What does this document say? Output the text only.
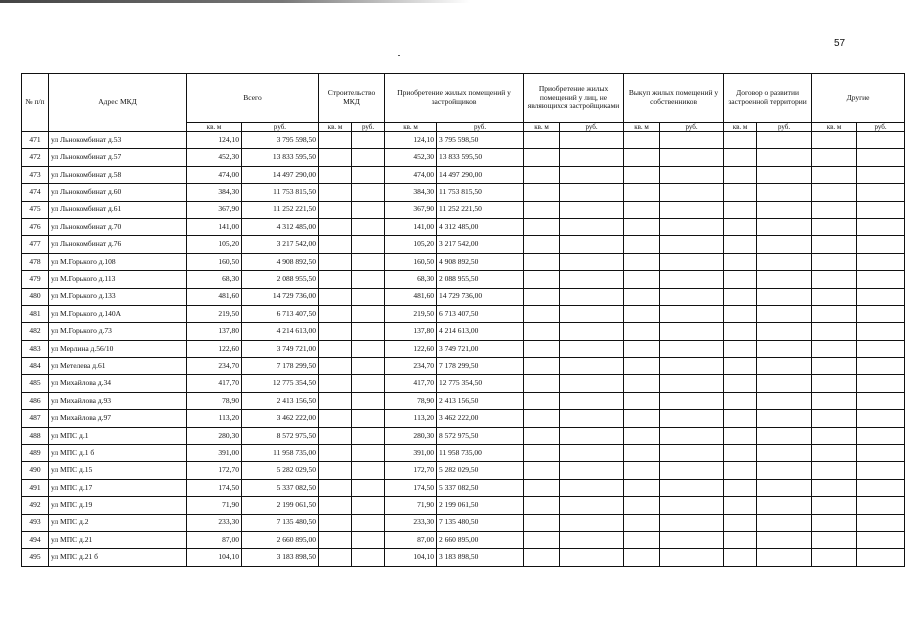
57
№ п/п	Адрес МКД	Всего		Строительство МКД		Приобретение жилых помещений у застройщиков		Приобретение жилых помещений у лиц, не являющихся застройщиками		Выкуп жилых помещений у собственников		Договор о развитии застроенной территории		Другие	
		кв. м	руб.	кв. м	руб.	кв. м	руб.	кв. м	руб.	кв. м	руб.	кв. м	руб.	кв. м	руб.
471	ул Льнокомбинат д.53	124,10	3 795 598,50			124,10	3 795 598,50								
472	ул Льнокомбинат д.57	452,30	13 833 595,50			452,30	13 833 595,50								
473	ул Льнокомбинат д.58	474,00	14 497 290,00			474,00	14 497 290,00								
474	ул Льнокомбинат д.60	384,30	11 753 815,50			384,30	11 753 815,50								
475	ул Льнокомбинат д.61	367,90	11 252 221,50			367,90	11 252 221,50								
476	ул Льнокомбинат д.70	141,00	4 312 485,00			141,00	4 312 485,00								
477	ул Льнокомбинат д.76	105,20	3 217 542,00			105,20	3 217 542,00								
478	ул М.Горького д.108	160,50	4 908 892,50			160,50	4 908 892,50								
479	ул М.Горького д.113	68,30	2 088 955,50			68,30	2 088 955,50								
480	ул М.Горького д.133	481,60	14 729 736,00			481,60	14 729 736,00								
481	ул М.Горького д.140А	219,50	6 713 407,50			219,50	6 713 407,50								
482	ул М.Горького д.73	137,80	4 214 613,00			137,80	4 214 613,00								
483	ул Мерлина д.56/10	122,60	3 749 721,00			122,60	3 749 721,00								
484	ул Метелева д.61	234,70	7 178 299,50			234,70	7 178 299,50								
485	ул Михайлова д.34	417,70	12 775 354,50			417,70	12 775 354,50								
486	ул Михайлова д.93	78,90	2 413 156,50			78,90	2 413 156,50								
487	ул Михайлова д.97	113,20	3 462 222,00			113,20	3 462 222,00								
488	ул МПС д.1	280,30	8 572 975,50			280,30	8 572 975,50								
489	ул МПС д.1 б	391,00	11 958 735,00			391,00	11 958 735,00								
490	ул МПС д.15	172,70	5 282 029,50			172,70	5 282 029,50								
491	ул МПС д.17	174,50	5 337 082,50			174,50	5 337 082,50								
492	ул МПС д.19	71,90	2 199 061,50			71,90	2 199 061,50								
493	ул МПС д.2	233,30	7 135 480,50			233,30	7 135 480,50								
494	ул МПС д.21	87,00	2 660 895,00			87,00	2 660 895,00								
495	ул МПС д.21 б	104,10	3 183 898,50			104,10	3 183 898,50								
